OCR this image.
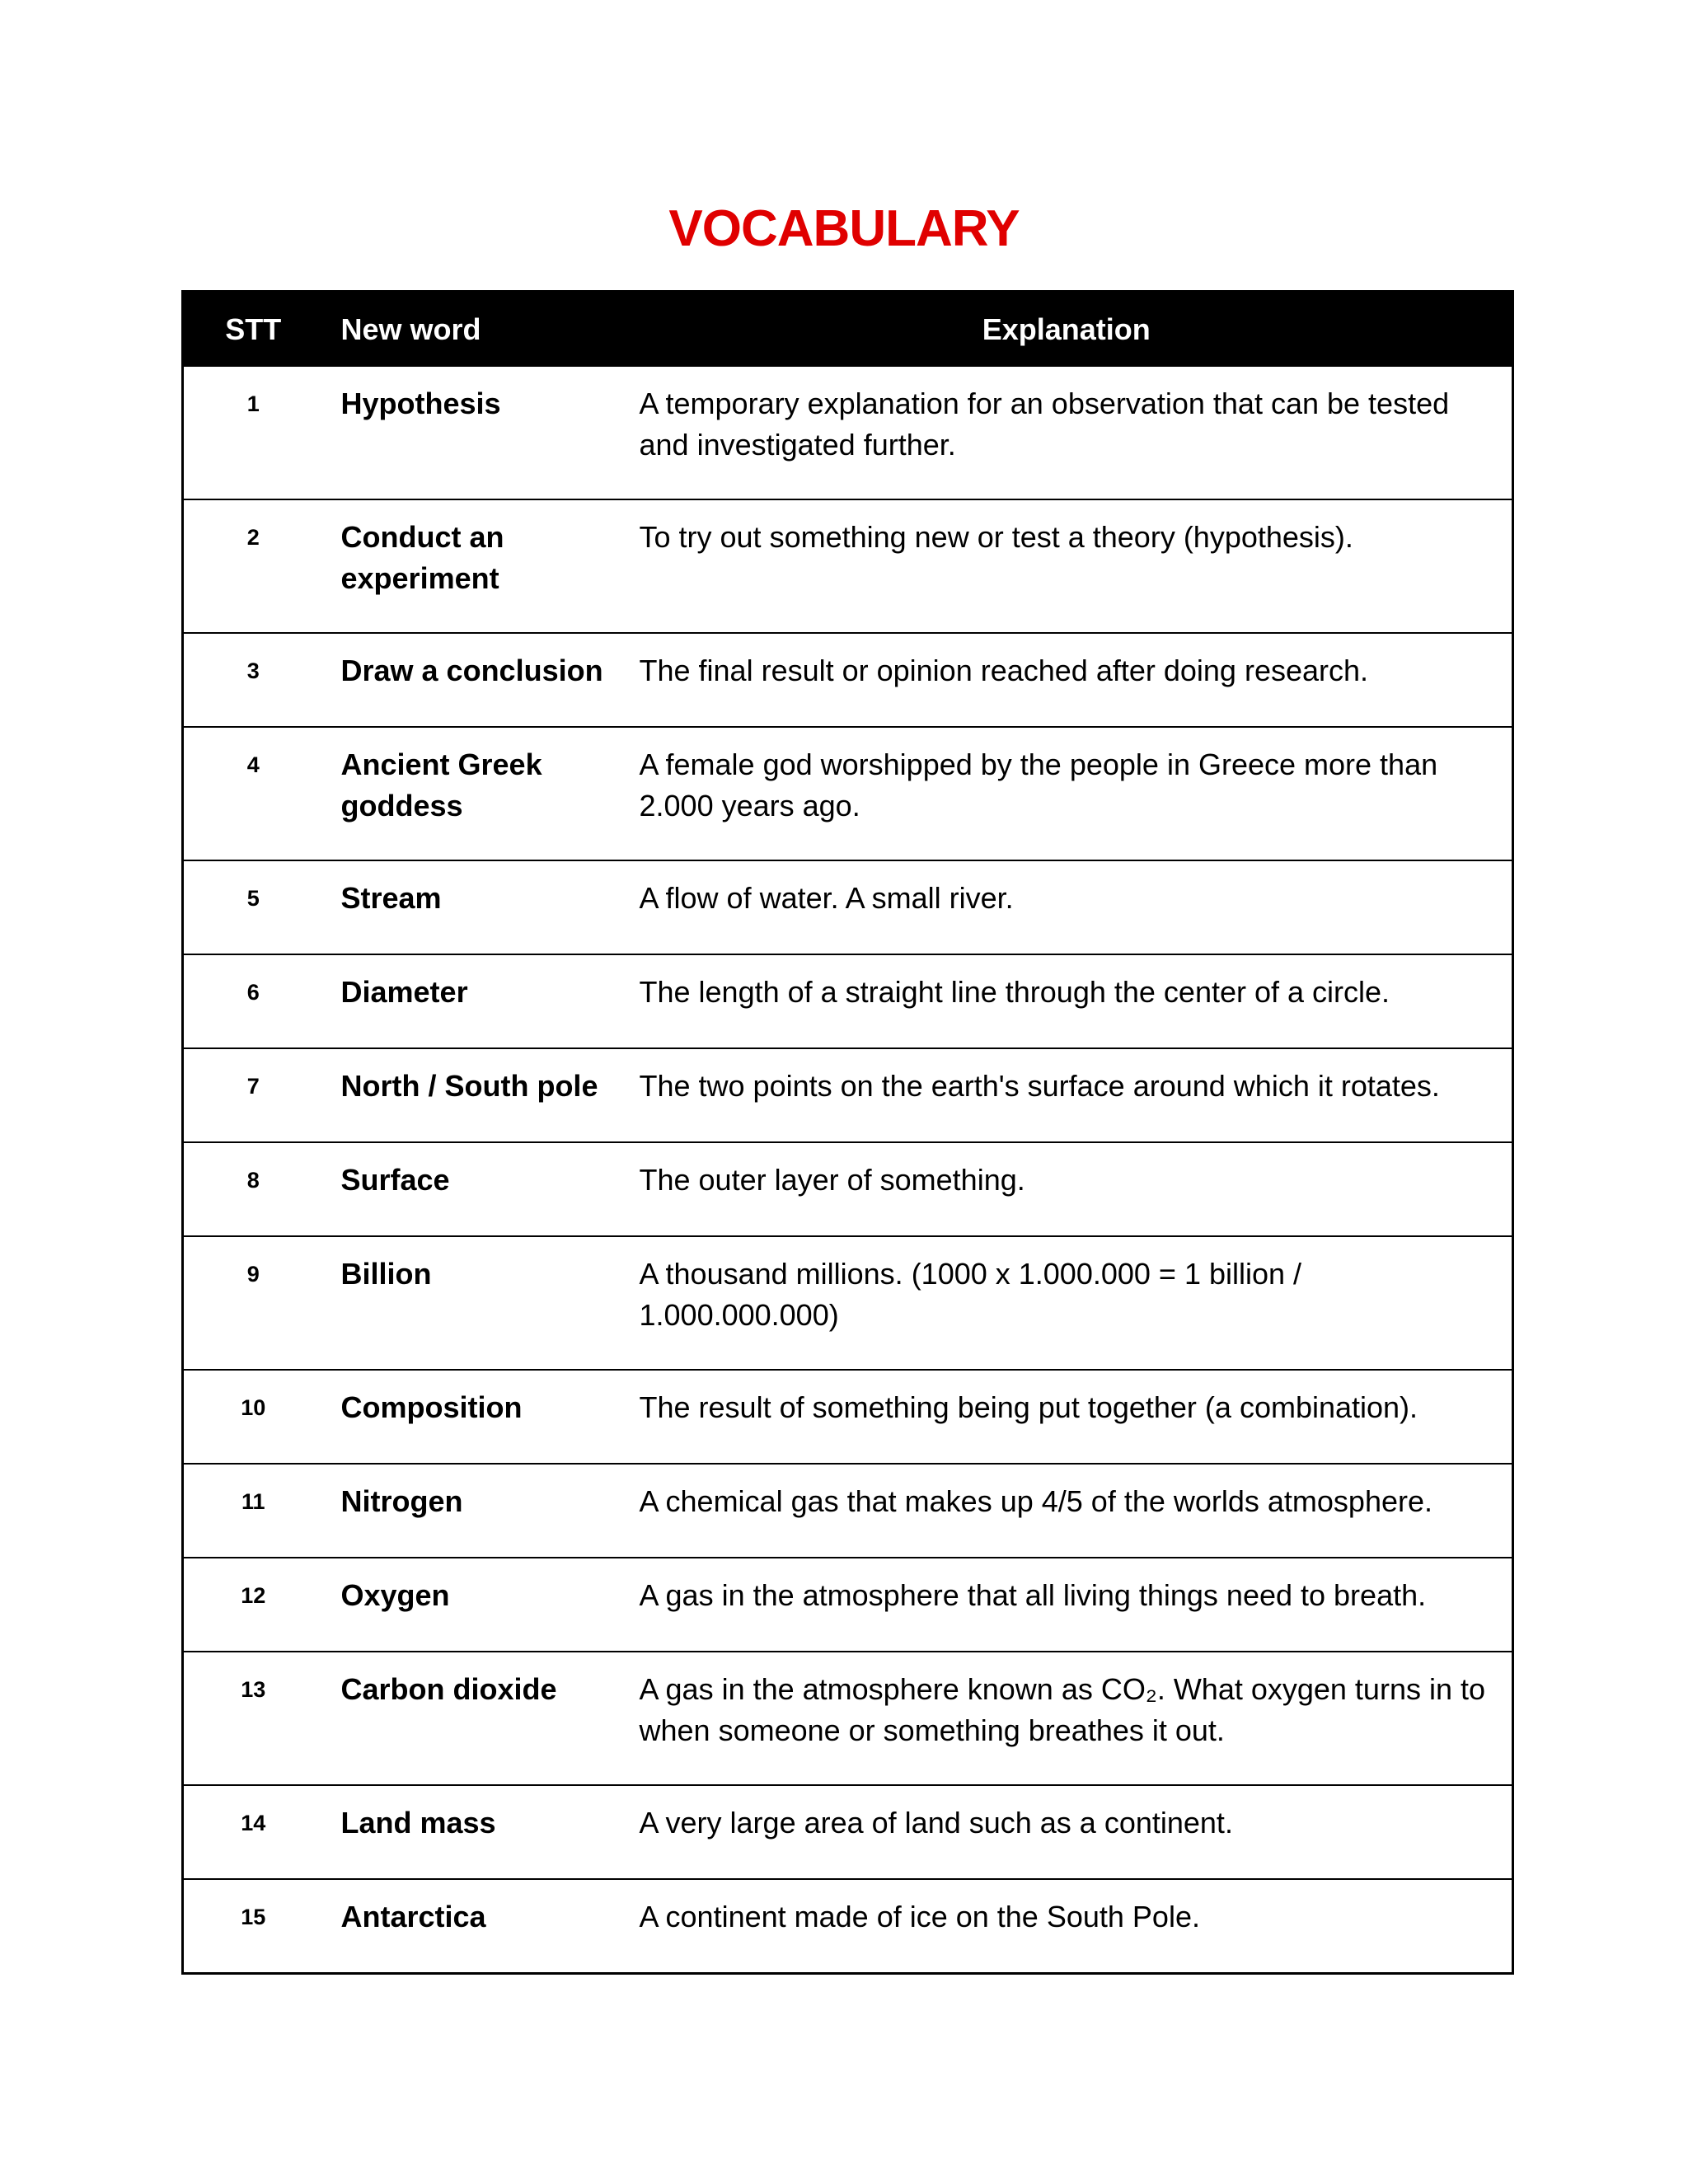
VOCABULARY
STT	New word	Explanation
1	Hypothesis	A temporary explanation for an observation that can be tested and investigated further.
2	Conduct an experiment	To try out something new or test a theory (hypothesis).
3	Draw a conclusion	The final result or opinion reached after doing research.
4	Ancient Greek goddess	A female god worshipped by the people in Greece more than 2.000 years ago.
5	Stream	A flow of water. A small river.
6	Diameter	The length of a straight line through the center of a circle.
7	North / South pole	The two points on the earth's surface around which it rotates.
8	Surface	The outer layer of something.
9	Billion	A thousand millions. (1000 x 1.000.000 = 1 billion / 1.000.000.000)
10	Composition	The result of something being put together (a combination).
11	Nitrogen	A chemical gas that makes up 4/5 of the worlds atmosphere.
12	Oxygen	A gas in the atmosphere that all living things need to breath.
13	Carbon dioxide	A gas in the atmosphere known as CO₂. What oxygen turns in to when someone or something breathes it out.
14	Land mass	A very large area of land such as a continent.
15	Antarctica	A continent made of ice on the South Pole.
